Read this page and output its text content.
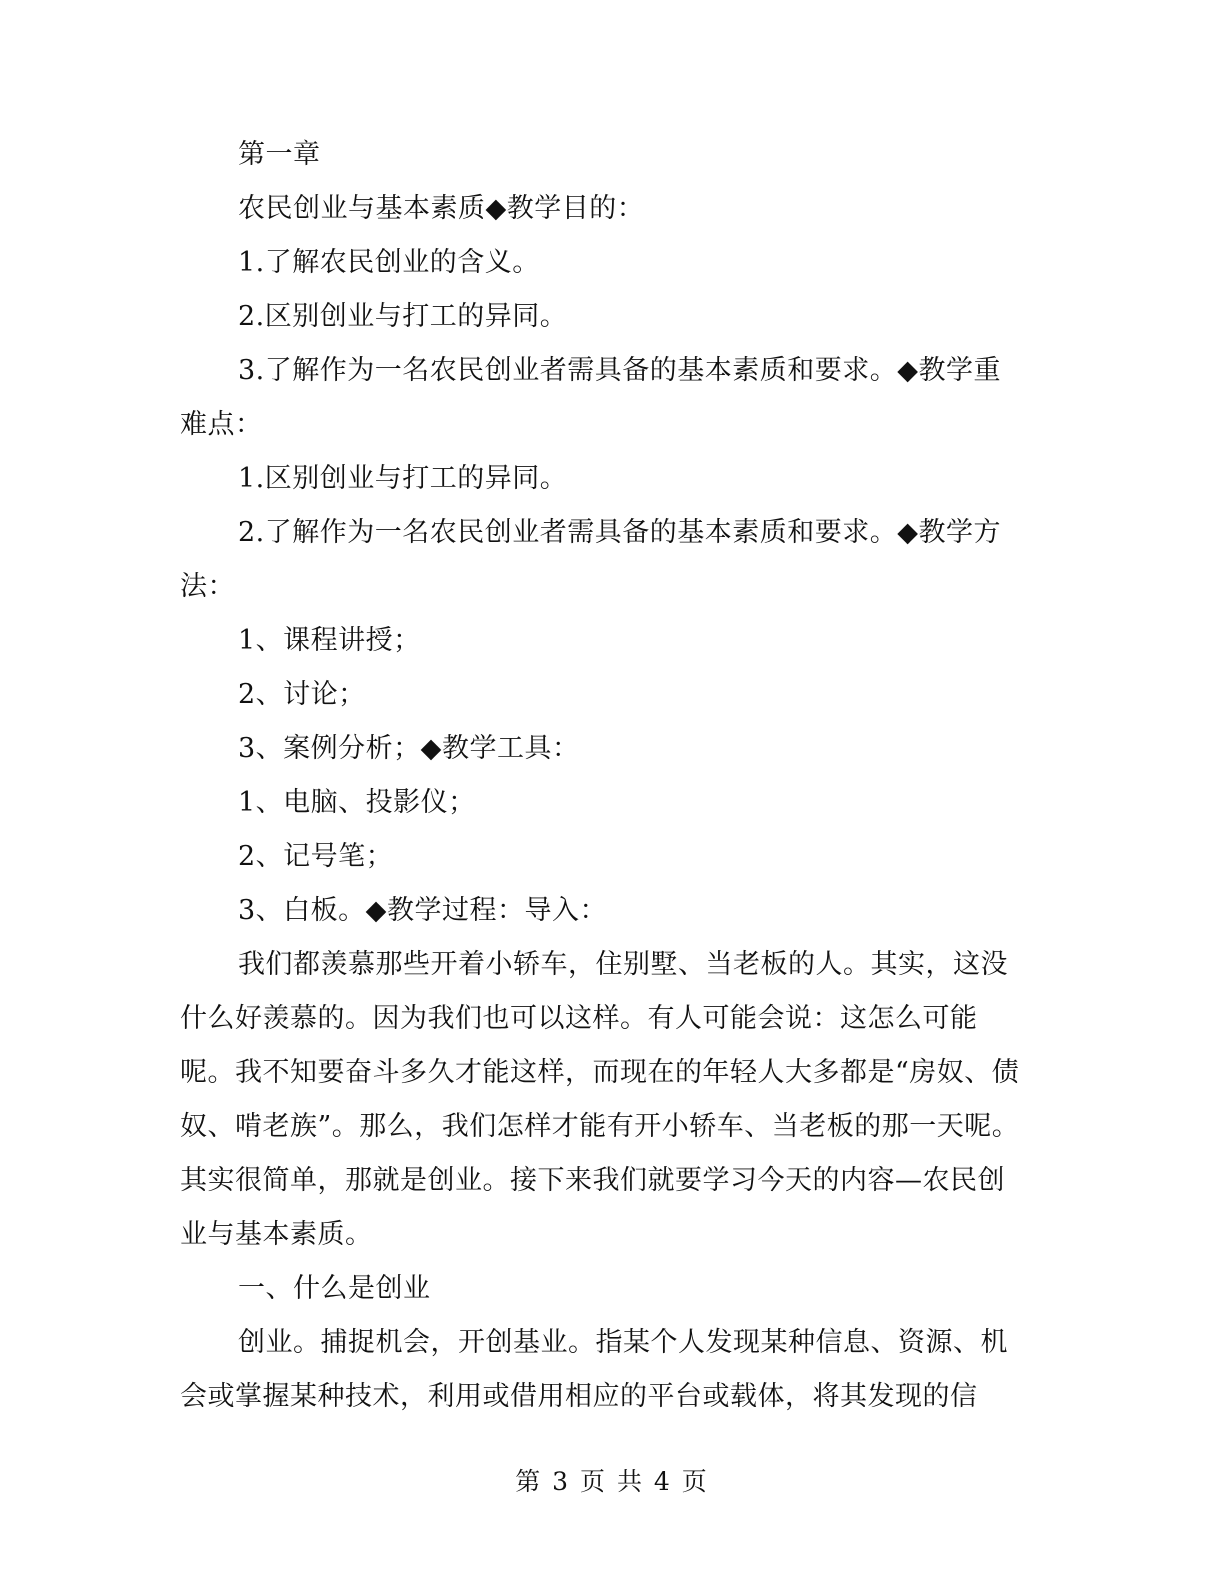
第一章

农民创业与基本素质◆教学目的：

1.了解农民创业的含义。

2.区别创业与打工的异同。

3.了解作为一名农民创业者需具备的基本素质和要求。◆教学重难点：

1.区别创业与打工的异同。

2.了解作为一名农民创业者需具备的基本素质和要求。◆教学方法：

1、课程讲授；

2、讨论；

3、案例分析；◆教学工具：

1、电脑、投影仪；

2、记号笔；

3、白板。◆教学过程：导入：

我们都羡慕那些开着小轿车，住别墅、当老板的人。其实，这没什么好羡慕的。因为我们也可以这样。有人可能会说：这怎么可能呢。我不知要奋斗多久才能这样，而现在的年轻人大多都是“房奴、债奴、啃老族”。那么，我们怎样才能有开小轿车、当老板的那一天呢。其实很简单，那就是创业。接下来我们就要学习今天的内容—农民创业与基本素质。

一、什么是创业

创业。捕捉机会，开创基业。指某个人发现某种信息、资源、机会或掌握某种技术，利用或借用相应的平台或载体，将其发现的信

第 3 页 共 4 页
